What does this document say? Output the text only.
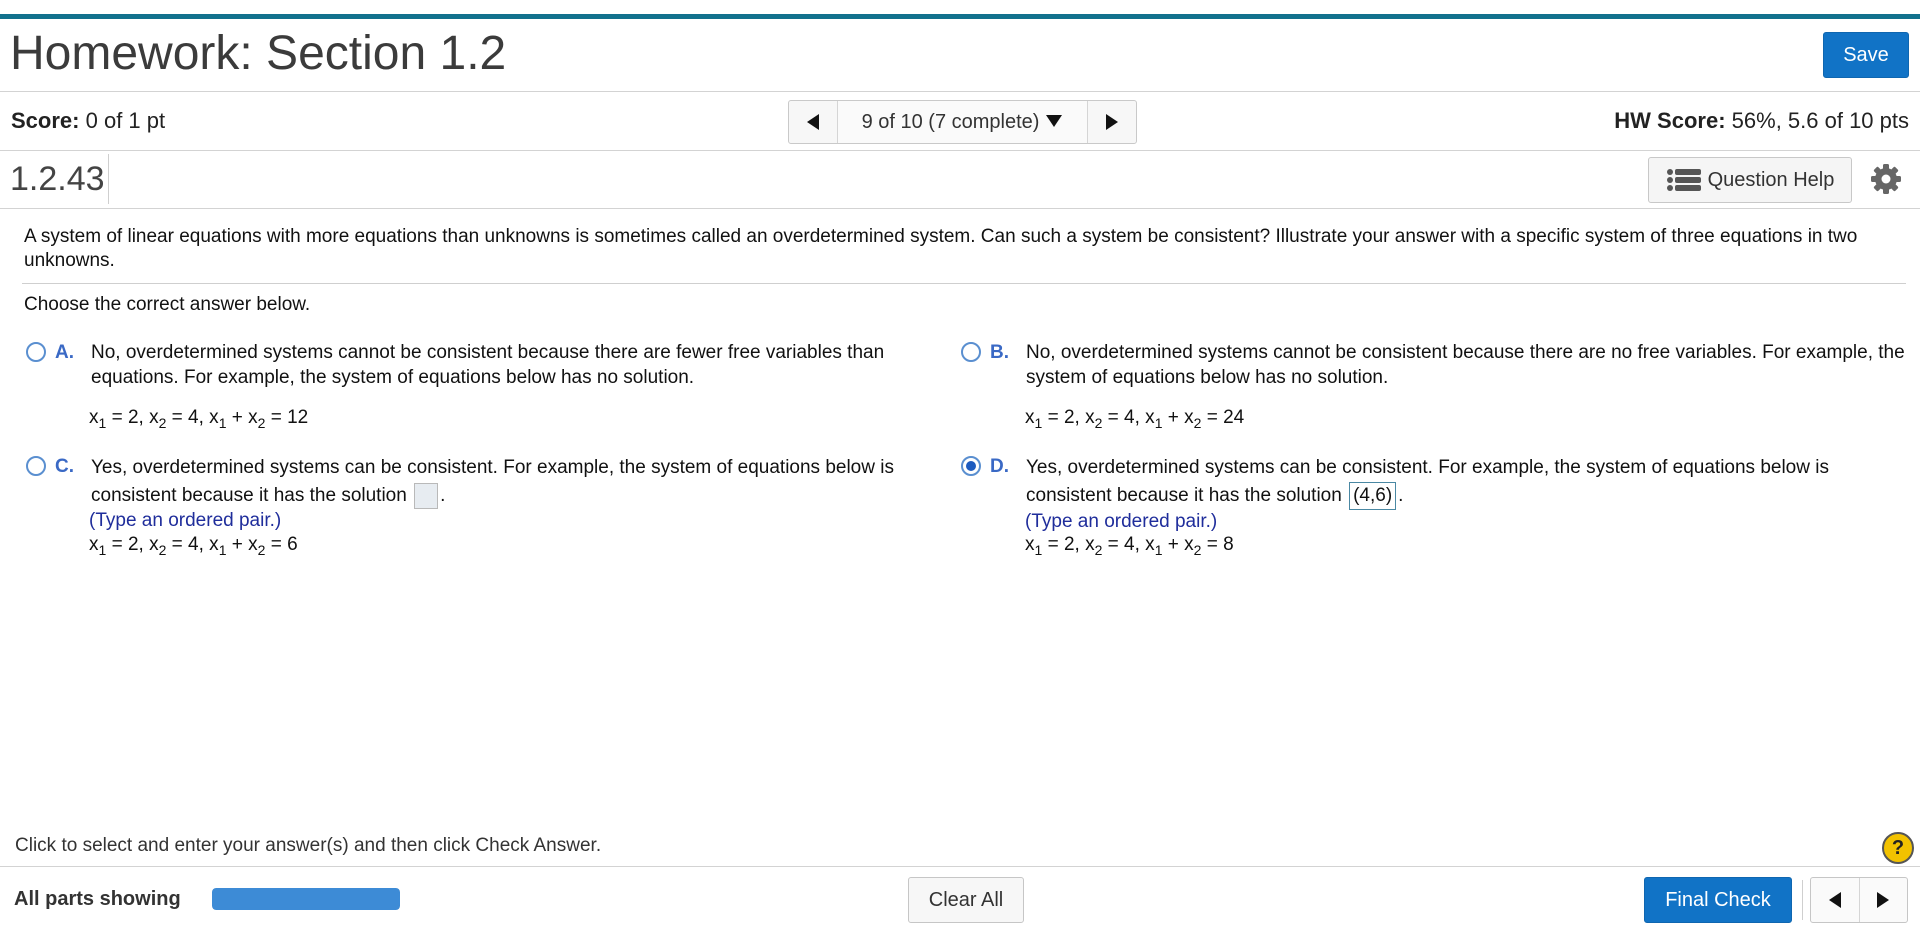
Homework: Section 1.2	Save
Score: 0 of 1 pt	9 of 10 (7 complete)	HW Score: 56%, 5.6 of 10 pts
1.2.43	Question Help
A system of linear equations with more equations than unknowns is sometimes called an overdetermined system. Can such a system be consistent? Illustrate your answer with a specific system of three equations in two unknowns.
Choose the correct answer below.
A. No, overdetermined systems cannot be consistent because there are fewer free variables than equations. For example, the system of equations below has no solution.
$x_1 = 2$, $x_2 = 4$, $x_1 + x_2 = 12$
B. No, overdetermined systems cannot be consistent because there are no free variables. For example, the system of equations below has no solution.
$x_1 = 2$, $x_2 = 4$, $x_1 + x_2 = 24$
C. Yes, overdetermined systems can be consistent. For example, the system of equations below is consistent because it has the solution .
(Type an ordered pair.)
$x_1 = 2$, $x_2 = 4$, $x_1 + x_2 = 6$
D. Yes, overdetermined systems can be consistent. For example, the system of equations below is consistent because it has the solution (4,6) .
(Type an ordered pair.)
$x_1 = 2$, $x_2 = 4$, $x_1 + x_2 = 8$
Click to select and enter your answer(s) and then click Check Answer.	?
All parts showing	Clear All	Final Check
